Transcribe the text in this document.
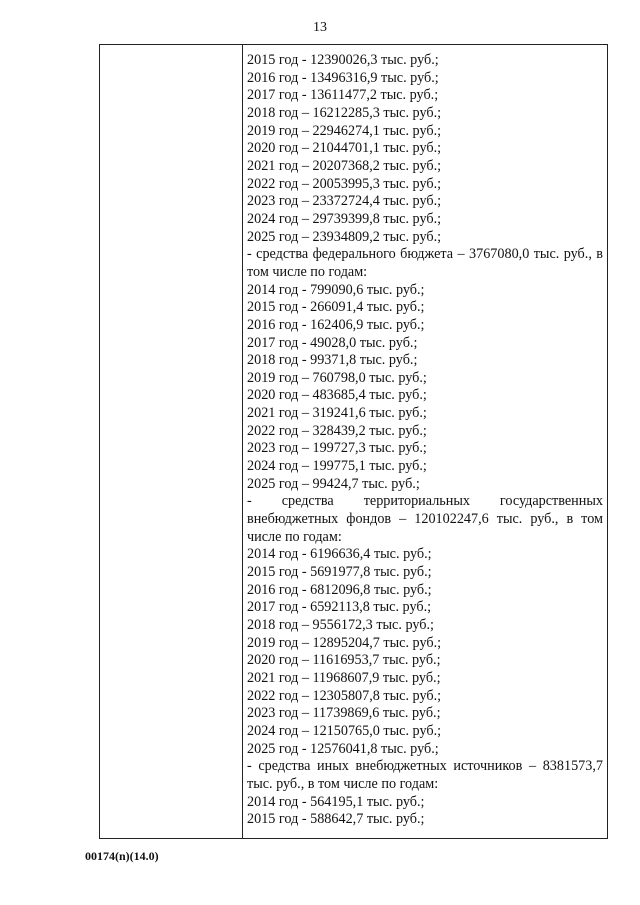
13
2015 год - 12390026,3 тыс. руб.;
2016 год - 13496316,9 тыс. руб.;
2017 год - 13611477,2 тыс. руб.;
2018 год – 16212285,3 тыс. руб.;
2019 год – 22946274,1 тыс. руб.;
2020 год – 21044701,1 тыс. руб.;
2021 год – 20207368,2 тыс. руб.;
2022 год – 20053995,3 тыс. руб.;
2023 год – 23372724,4 тыс. руб.;
2024 год – 29739399,8 тыс. руб.;
2025 год – 23934809,2 тыс. руб.;
- средства федерального бюджета – 3767080,0 тыс. руб., в том числе по годам:
2014 год - 799090,6 тыс. руб.;
2015 год - 266091,4 тыс. руб.;
2016 год - 162406,9 тыс. руб.;
2017 год - 49028,0 тыс. руб.;
2018 год - 99371,8 тыс. руб.;
2019 год – 760798,0 тыс. руб.;
2020 год – 483685,4 тыс. руб.;
2021 год – 319241,6 тыс. руб.;
2022 год – 328439,2 тыс. руб.;
2023 год – 199727,3 тыс. руб.;
2024 год – 199775,1 тыс. руб.;
2025 год – 99424,7 тыс. руб.;
- средства территориальных государственных внебюджетных фондов – 120102247,6 тыс. руб., в том числе по годам:
2014 год - 6196636,4 тыс. руб.;
2015 год - 5691977,8 тыс. руб.;
2016 год - 6812096,8 тыс. руб.;
2017 год - 6592113,8 тыс. руб.;
2018 год – 9556172,3 тыс. руб.;
2019 год – 12895204,7 тыс. руб.;
2020 год – 11616953,7 тыс. руб.;
2021 год – 11968607,9 тыс. руб.;
2022 год – 12305807,8 тыс. руб.;
2023 год – 11739869,6 тыс. руб.;
2024 год – 12150765,0 тыс. руб.;
2025 год - 12576041,8 тыс. руб.;
- средства иных внебюджетных источников – 8381573,7 тыс. руб., в том числе по годам:
2014 год - 564195,1 тыс. руб.;
2015 год - 588642,7 тыс. руб.;
00174(n)(14.0)
